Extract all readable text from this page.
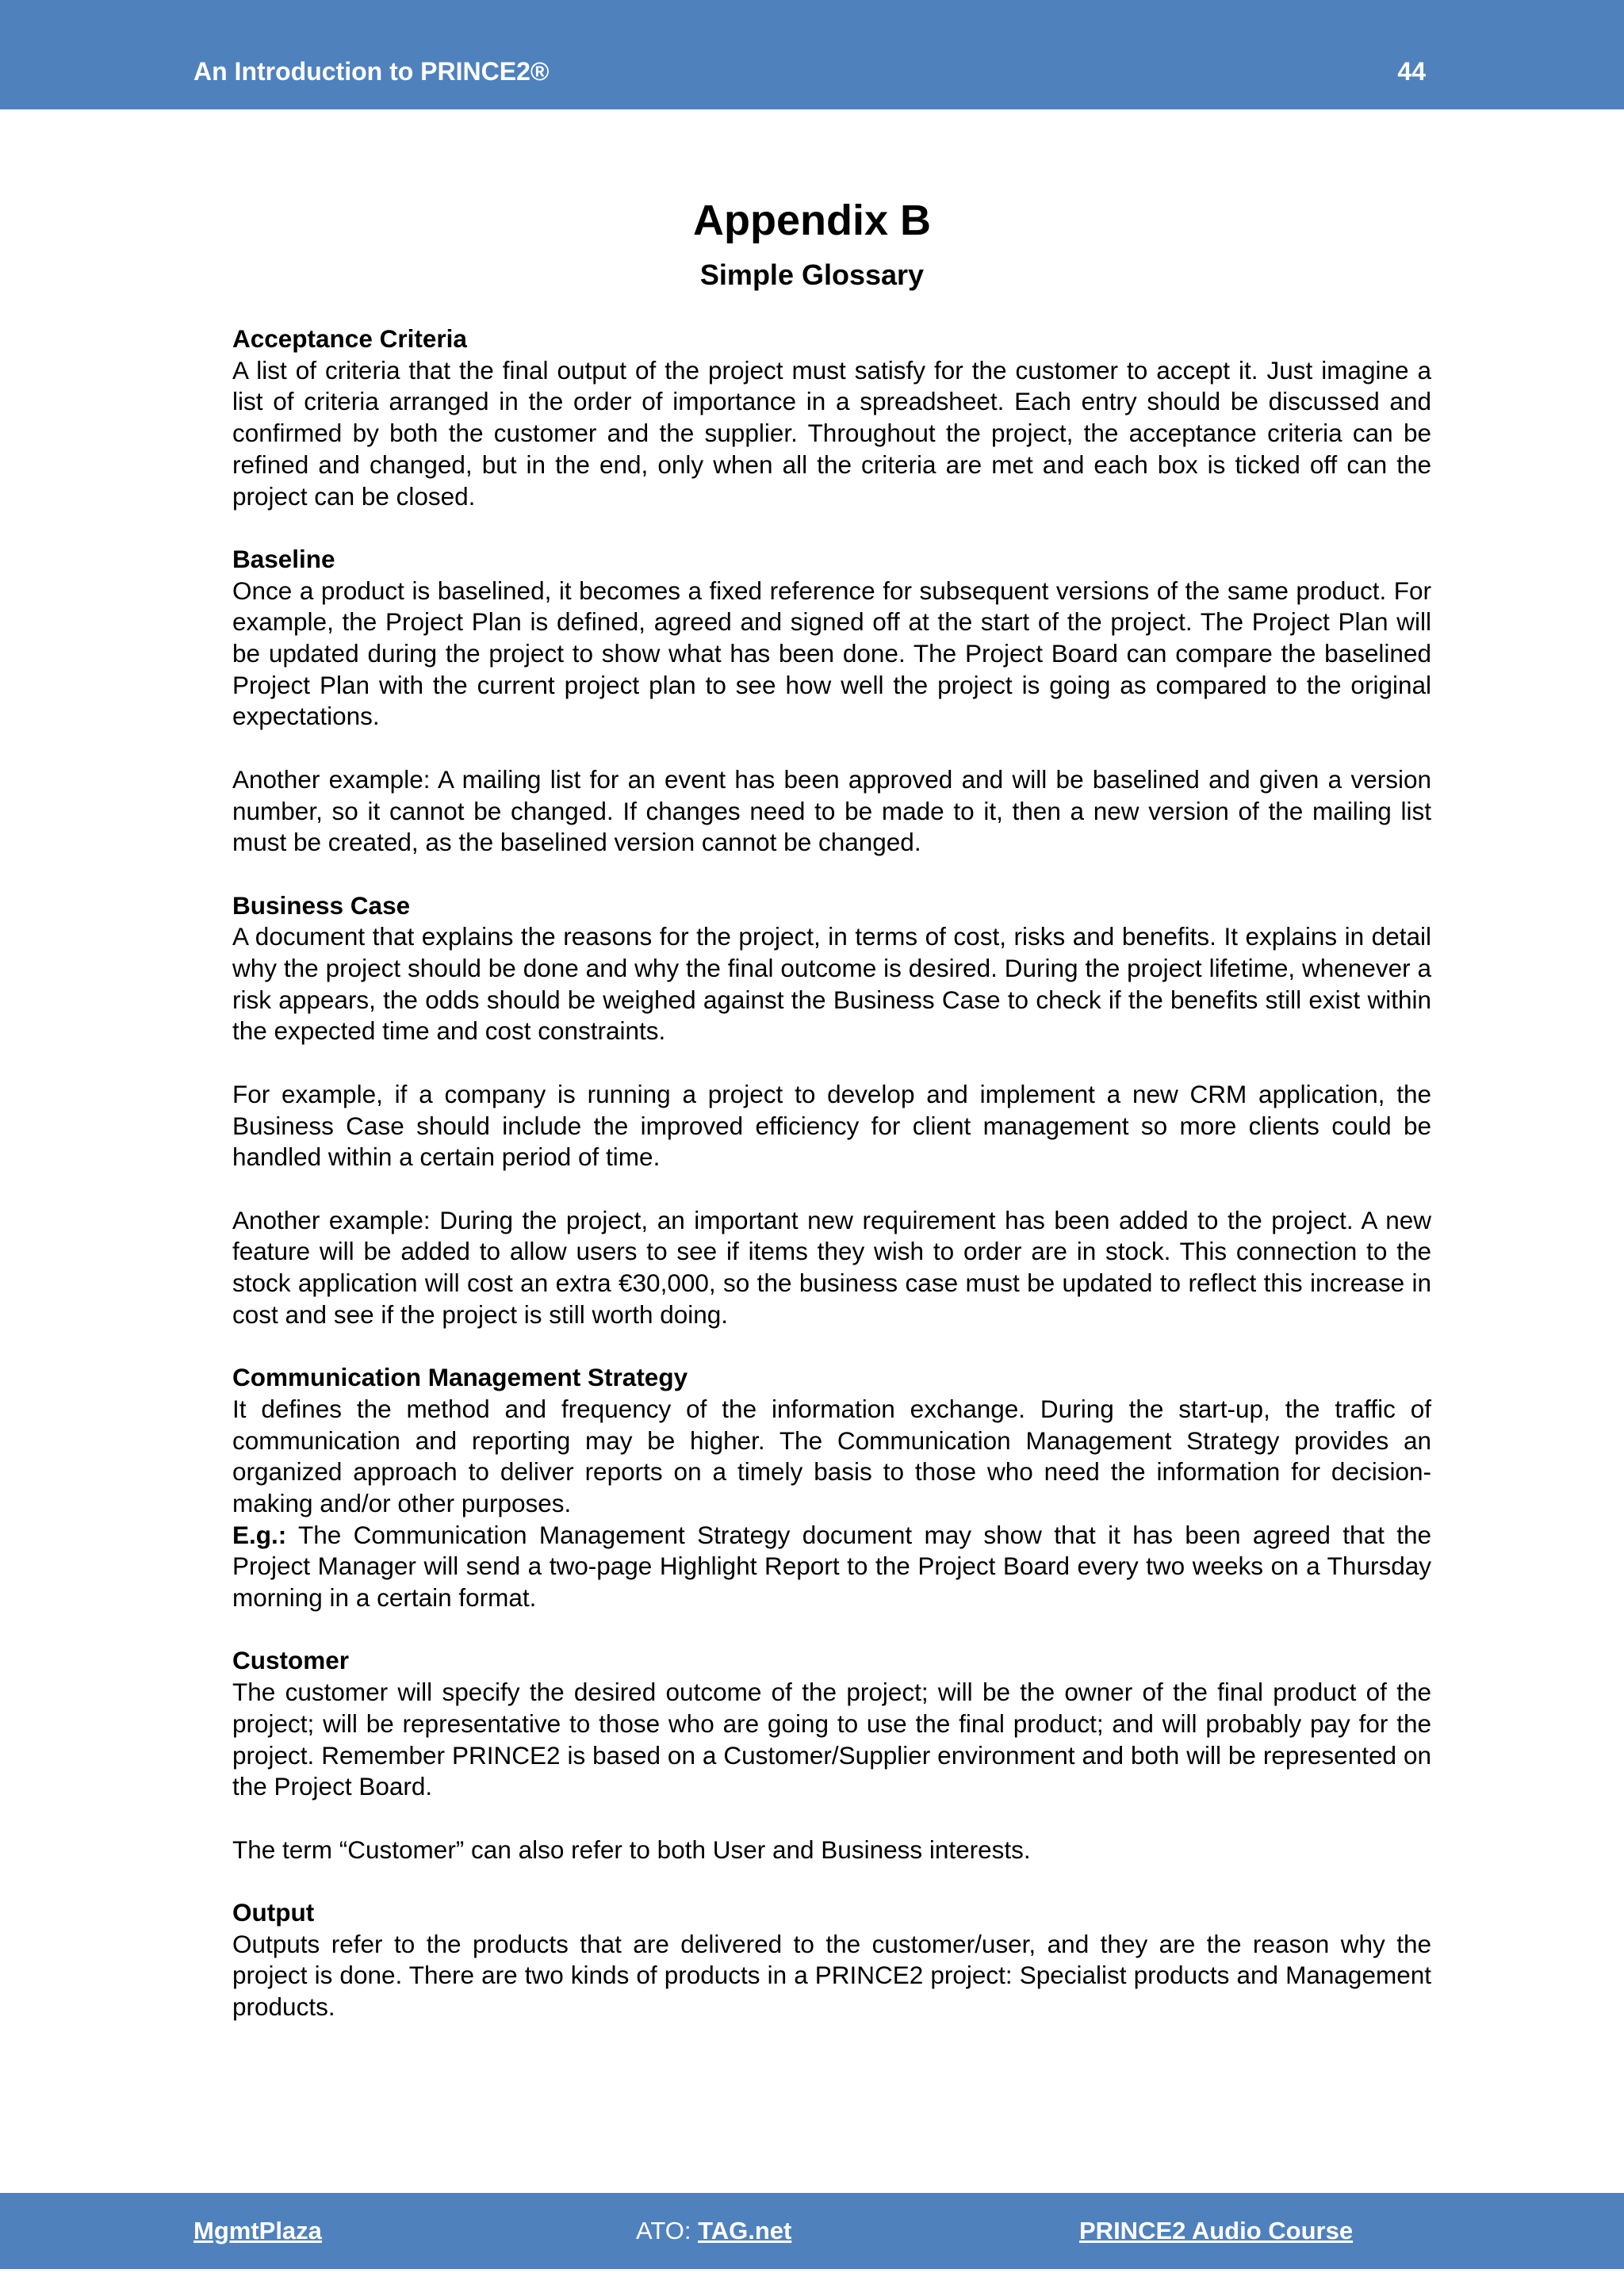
An Introduction to PRINCE2®	44
Appendix B
Simple Glossary

Acceptance Criteria

A list of criteria that the final output of the project must satisfy for the customer to accept it. Just imagine a list of criteria arranged in the order of importance in a spreadsheet. Each entry should be discussed and confirmed by both the customer and the supplier. Throughout the project, the acceptance criteria can be refined and changed, but in the end, only when all the criteria are met and each box is ticked off can the project can be closed.

Baseline

Once a product is baselined, it becomes a fixed reference for subsequent versions of the same product. For example, the Project Plan is defined, agreed and signed off at the start of the project. The Project Plan will be updated during the project to show what has been done. The Project Board can compare the baselined Project Plan with the current project plan to see how well the project is going as compared to the original expectations.

Another example: A mailing list for an event has been approved and will be baselined and given a version number, so it cannot be changed. If changes need to be made to it, then a new version of the mailing list must be created, as the baselined version cannot be changed.

Business Case

A document that explains the reasons for the project, in terms of cost, risks and benefits. It explains in detail why the project should be done and why the final outcome is desired. During the project lifetime, whenever a risk appears, the odds should be weighed against the Business Case to check if the benefits still exist within the expected time and cost constraints.

For example, if a company is running a project to develop and implement a new CRM application, the Business Case should include the improved efficiency for client management so more clients could be handled within a certain period of time.

Another example: During the project, an important new requirement has been added to the project. A new feature will be added to allow users to see if items they wish to order are in stock. This connection to the stock application will cost an extra €30,000, so the business case must be updated to reflect this increase in cost and see if the project is still worth doing.

Communication Management Strategy

It defines the method and frequency of the information exchange. During the start-up, the traffic of communication and reporting may be higher. The Communication Management Strategy provides an organized approach to deliver reports on a timely basis to those who need the information for decision-making and/or other purposes.

E.g.: The Communication Management Strategy document may show that it has been agreed that the Project Manager will send a two-page Highlight Report to the Project Board every two weeks on a Thursday morning in a certain format.

Customer

The customer will specify the desired outcome of the project; will be the owner of the final product of the project; will be representative to those who are going to use the final product; and will probably pay for the project. Remember PRINCE2 is based on a Customer/Supplier environment and both will be represented on the Project Board.

The term “Customer” can also refer to both User and Business interests.

Output

Outputs refer to the products that are delivered to the customer/user, and they are the reason why the project is done. There are two kinds of products in a PRINCE2 project: Specialist products and Management products.

MgmtPlaza	ATO: TAG.net	PRINCE2 Audio Course
